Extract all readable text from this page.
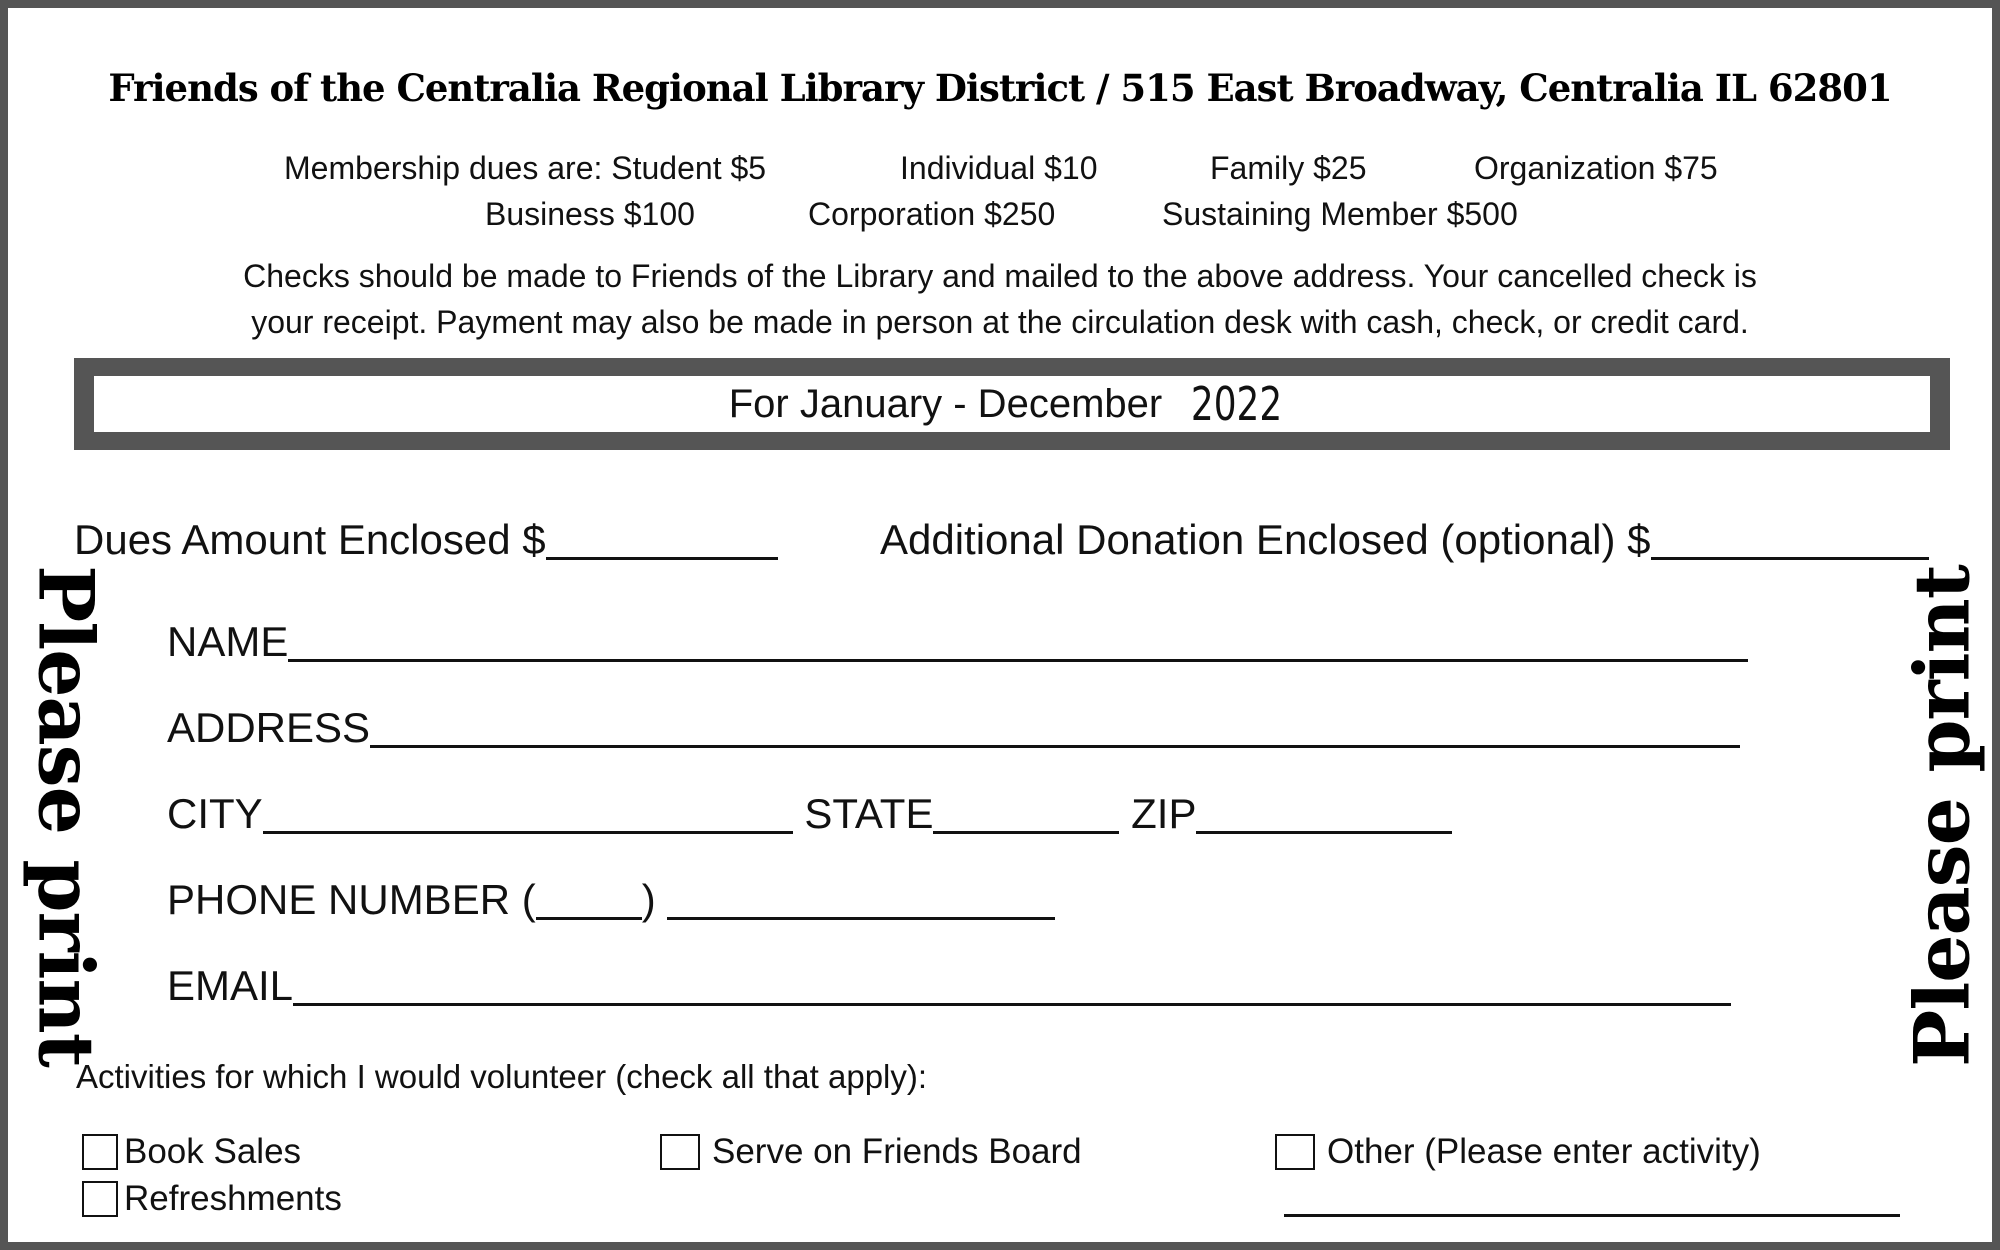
Friends of the Centralia Regional Library District / 515 East Broadway, Centralia IL 62801
Membership dues are: Student $5	Individual $10	Family $25	Organization $75
Business $100	Corporation $250	Sustaining Member $500
Checks should be made to Friends of the Library and mailed to the above address. Your cancelled check is
your receipt. Payment may also be made in person at the circulation desk with cash, check, or credit card.
For January - December 2022
Dues Amount Enclosed $	Additional Donation Enclosed (optional) $
Please print	Please print
NAME
ADDRESS
CITY	STATE	ZIP
PHONE NUMBER (	)
EMAIL
Activities for which I would volunteer (check all that apply):
Book Sales
Refreshments
Serve on Friends Board	Other (Please enter activity)
